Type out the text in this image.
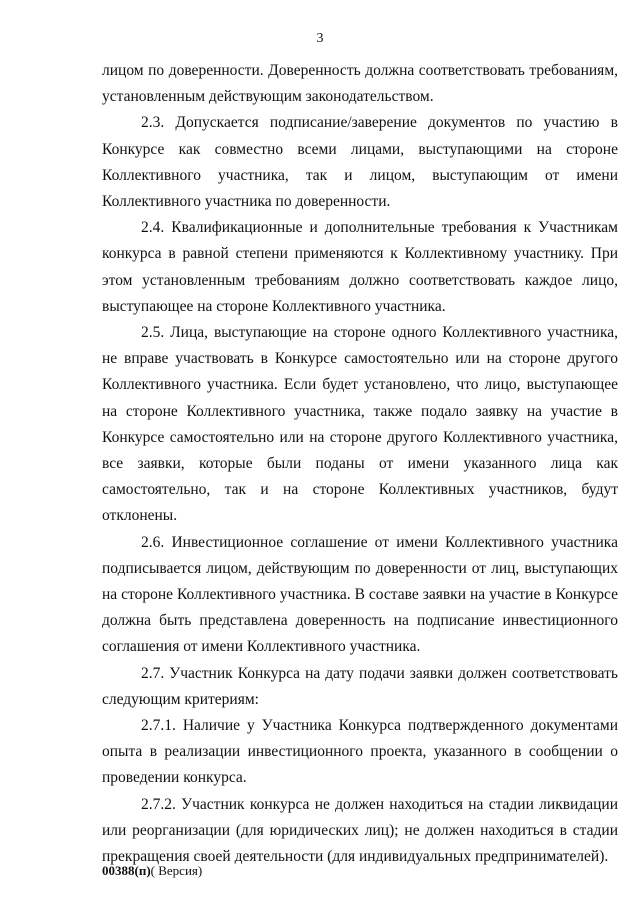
3

лицом по доверенности. Доверенность должна соответствовать требованиям, установленным действующим законодательством.

2.3. Допускается подписание/заверение документов по участию в Конкурсе как совместно всеми лицами, выступающими на стороне Коллективного участника, так и лицом, выступающим от имени Коллективного участника по доверенности.

2.4. Квалификационные и дополнительные требования к Участникам конкурса в равной степени применяются к Коллективному участнику. При этом установленным требованиям должно соответствовать каждое лицо, выступающее на стороне Коллективного участника.

2.5. Лица, выступающие на стороне одного Коллективного участника, не вправе участвовать в Конкурсе самостоятельно или на стороне другого Коллективного участника. Если будет установлено, что лицо, выступающее на стороне Коллективного участника, также подало заявку на участие в Конкурсе самостоятельно или на стороне другого Коллективного участника, все заявки, которые были поданы от имени указанного лица как самостоятельно, так и на стороне Коллективных участников, будут отклонены.

2.6. Инвестиционное соглашение от имени Коллективного участника подписывается лицом, действующим по доверенности от лиц, выступающих на стороне Коллективного участника. В составе заявки на участие в Конкурсе должна быть представлена доверенность на подписание инвестиционного соглашения от имени Коллективного участника.

2.7. Участник Конкурса на дату подачи заявки должен соответствовать следующим критериям:

2.7.1. Наличие у Участника Конкурса подтвержденного документами опыта в реализации инвестиционного проекта, указанного в сообщении о проведении конкурса.

2.7.2. Участник конкурса не должен находиться на стадии ликвидации или реорганизации (для юридических лиц); не должен находиться в стадии прекращения своей деятельности (для индивидуальных предпринимателей).

00388(п)( Версия)
